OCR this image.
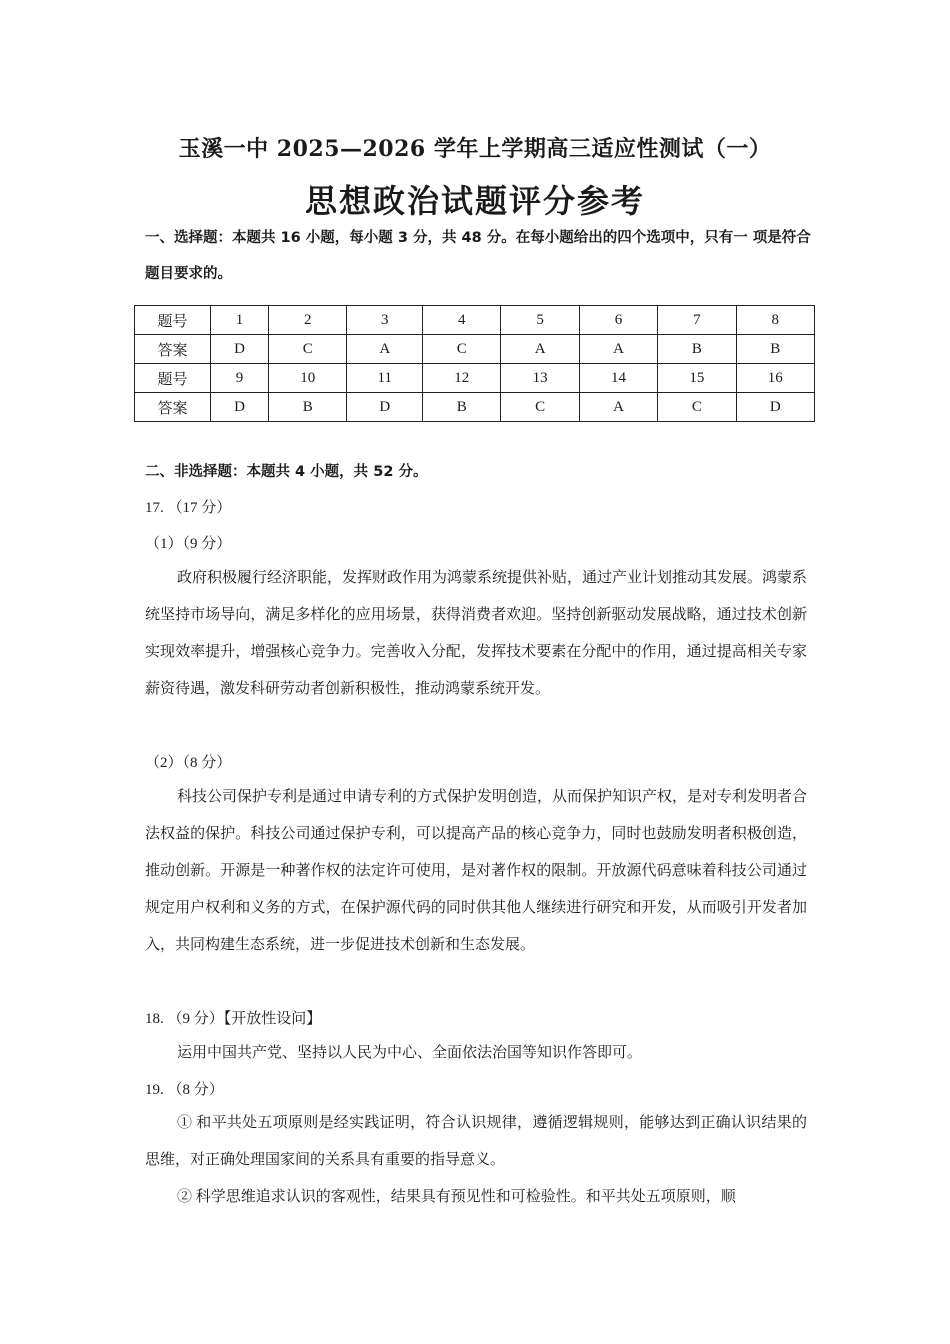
玉溪一中 2025—2026 学年上学期高三适应性测试（一）
思想政治试题评分参考
一、选择题：本题共 16 小题，每小题 3 分，共 48 分。在每小题给出的四个选项中，只有一 项是符合题目要求的。
题号	1	2	3	4	5	6	7	8
答案	D	C	A	C	A	A	B	B
题号	9	10	11	12	13	14	15	16
答案	D	B	D	B	C	A	C	D
二、非选择题：本题共 4 小题，共 52 分。
17. （17 分）
（1）（9 分）
政府积极履行经济职能，发挥财政作用为鸿蒙系统提供补贴，通过产业计划推动其发展。鸿蒙系统坚持市场导向，满足多样化的应用场景，获得消费者欢迎。坚持创新驱动发展战略，通过技术创新实现效率提升，增强核心竞争力。完善收入分配，发挥技术要素在分配中的作用，通过提高相关专家薪资待遇，激发科研劳动者创新积极性，推动鸿蒙系统开发。
（2）（8 分）
科技公司保护专利是通过申请专利的方式保护发明创造，从而保护知识产权，是对专利发明者合法权益的保护。科技公司通过保护专利，可以提高产品的核心竞争力，同时也鼓励发明者积极创造，推动创新。开源是一种著作权的法定许可使用，是对著作权的限制。开放源代码意味着科技公司通过规定用户权利和义务的方式，在保护源代码的同时供其他人继续进行研究和开发，从而吸引开发者加入，共同构建生态系统，进一步促进技术创新和生态发展。
18. （9 分）【开放性设问】
运用中国共产党、坚持以人民为中心、全面依法治国等知识作答即可。
19. （8 分）
① 和平共处五项原则是经实践证明，符合认识规律，遵循逻辑规则，能够达到正确认识结果的思维，对正确处理国家间的关系具有重要的指导意义。
② 科学思维追求认识的客观性，结果具有预见性和可检验性。和平共处五项原则，顺
